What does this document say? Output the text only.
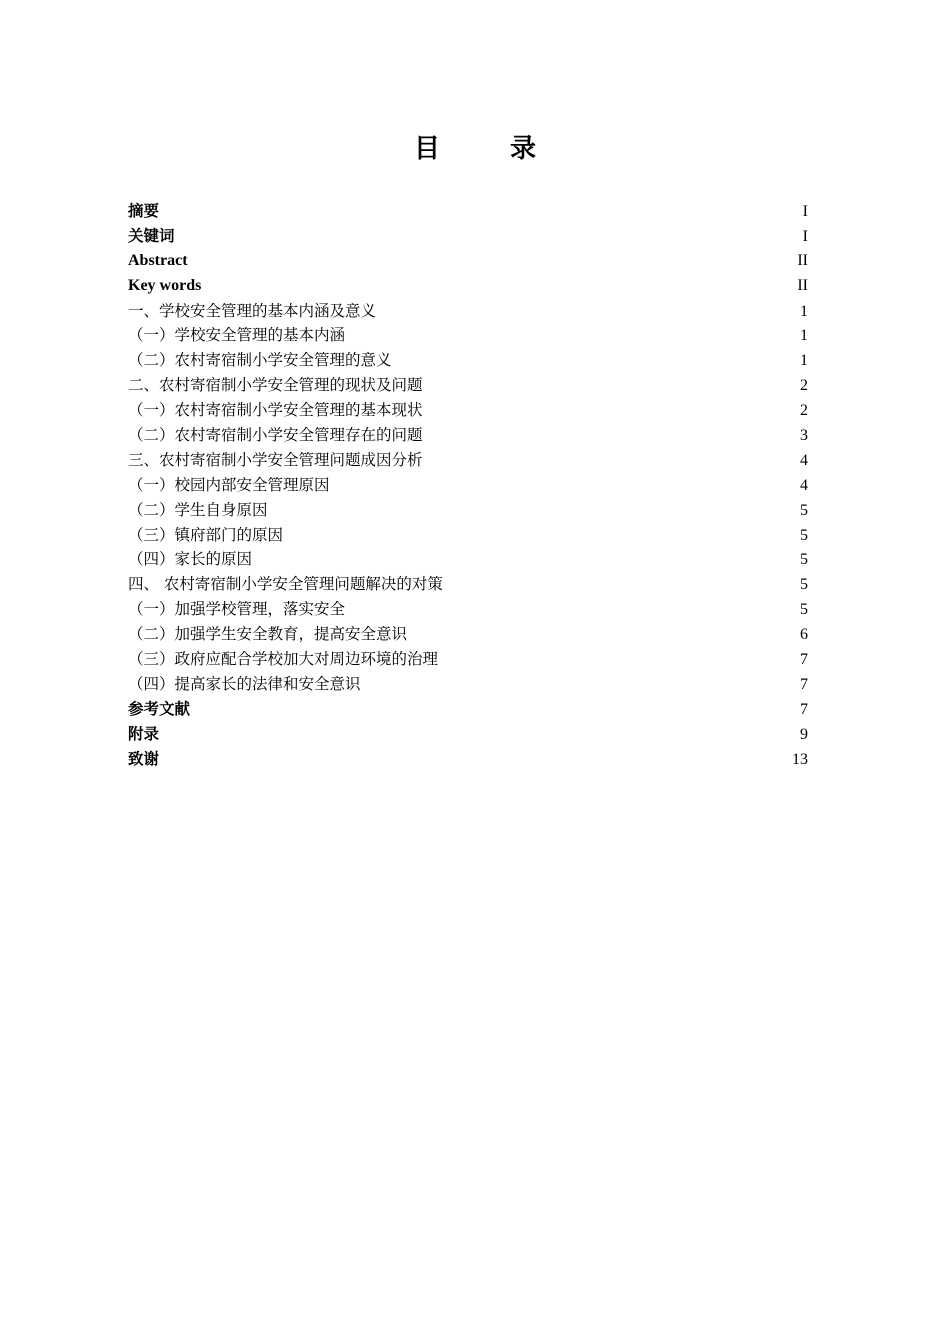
目　录
摘要	I
关键词	I
Abstract	II
Key words	II
一、学校安全管理的基本内涵及意义	1
（一）学校安全管理的基本内涵	1
（二）农村寄宿制小学安全管理的意义	1
二、农村寄宿制小学安全管理的现状及问题	2
（一）农村寄宿制小学安全管理的基本现状	2
（二）农村寄宿制小学安全管理存在的问题	3
三、农村寄宿制小学安全管理问题成因分析	4
（一）校园内部安全管理原因	4
（二）学生自身原因	5
（三）镇府部门的原因	5
（四）家长的原因	5
四、 农村寄宿制小学安全管理问题解决的对策	5
（一）加强学校管理，落实安全	5
（二）加强学生安全教育，提高安全意识	6
（三）政府应配合学校加大对周边环境的治理	7
（四）提高家长的法律和安全意识	7
参考文献	7
附录	9
致谢	13
